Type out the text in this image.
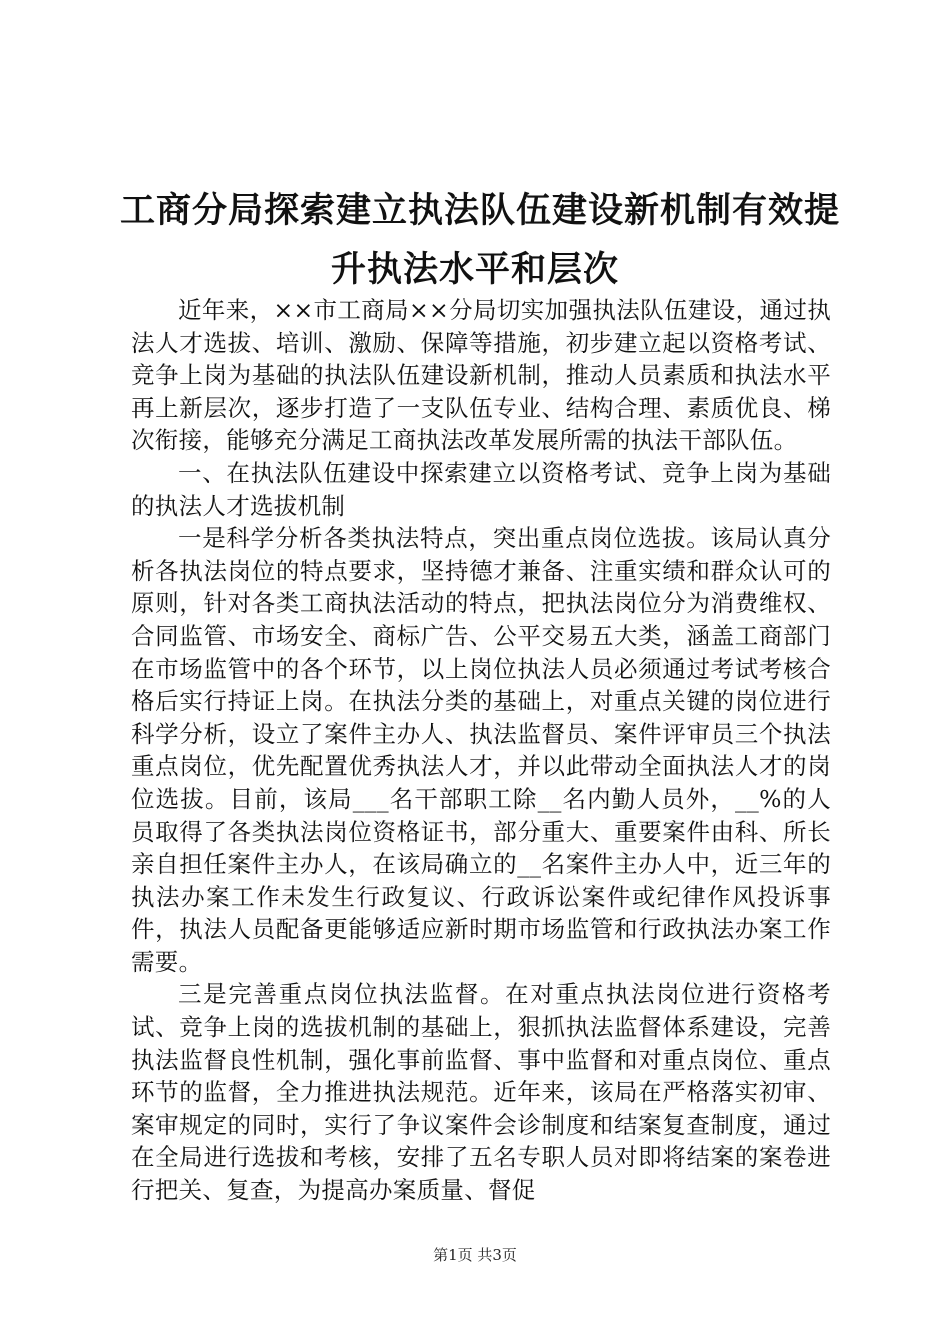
工商分局探索建立执法队伍建设新机制有效提
升执法水平和层次

近年来，××市工商局××分局切实加强执法队伍建设，通过执法人才选拔、培训、激励、保障等措施，初步建立起以资格考试、竞争上岗为基础的执法队伍建设新机制，推动人员素质和执法水平再上新层次，逐步打造了一支队伍专业、结构合理、素质优良、梯次衔接，能够充分满足工商执法改革发展所需的执法干部队伍。

一、在执法队伍建设中探索建立以资格考试、竞争上岗为基础的执法人才选拔机制

一是科学分析各类执法特点，突出重点岗位选拔。该局认真分析各执法岗位的特点要求，坚持德才兼备、注重实绩和群众认可的原则，针对各类工商执法活动的特点，把执法岗位分为消费维权、合同监管、市场安全、商标广告、公平交易五大类，涵盖工商部门在市场监管中的各个环节，以上岗位执法人员必须通过考试考核合格后实行持证上岗。在执法分类的基础上，对重点关键的岗位进行科学分析，设立了案件主办人、执法监督员、案件评审员三个执法重点岗位，优先配置优秀执法人才，并以此带动全面执法人才的岗位选拔。目前，该局___名干部职工除__名内勤人员外，__%的人员取得了各类执法岗位资格证书，部分重大、重要案件由科、所长亲自担任案件主办人，在该局确立的__名案件主办人中，近三年的执法办案工作未发生行政复议、行政诉讼案件或纪律作风投诉事件，执法人员配备更能够适应新时期市场监管和行政执法办案工作需要。

三是完善重点岗位执法监督。在对重点执法岗位进行资格考试、竞争上岗的选拔机制的基础上，狠抓执法监督体系建设，完善执法监督良性机制，强化事前监督、事中监督和对重点岗位、重点环节的监督，全力推进执法规范。近年来，该局在严格落实初审、案审规定的同时，实行了争议案件会诊制度和结案复查制度，通过在全局进行选拔和考核，安排了五名专职人员对即将结案的案卷进行把关、复查，为提高办案质量、督促

第1页 共3页
